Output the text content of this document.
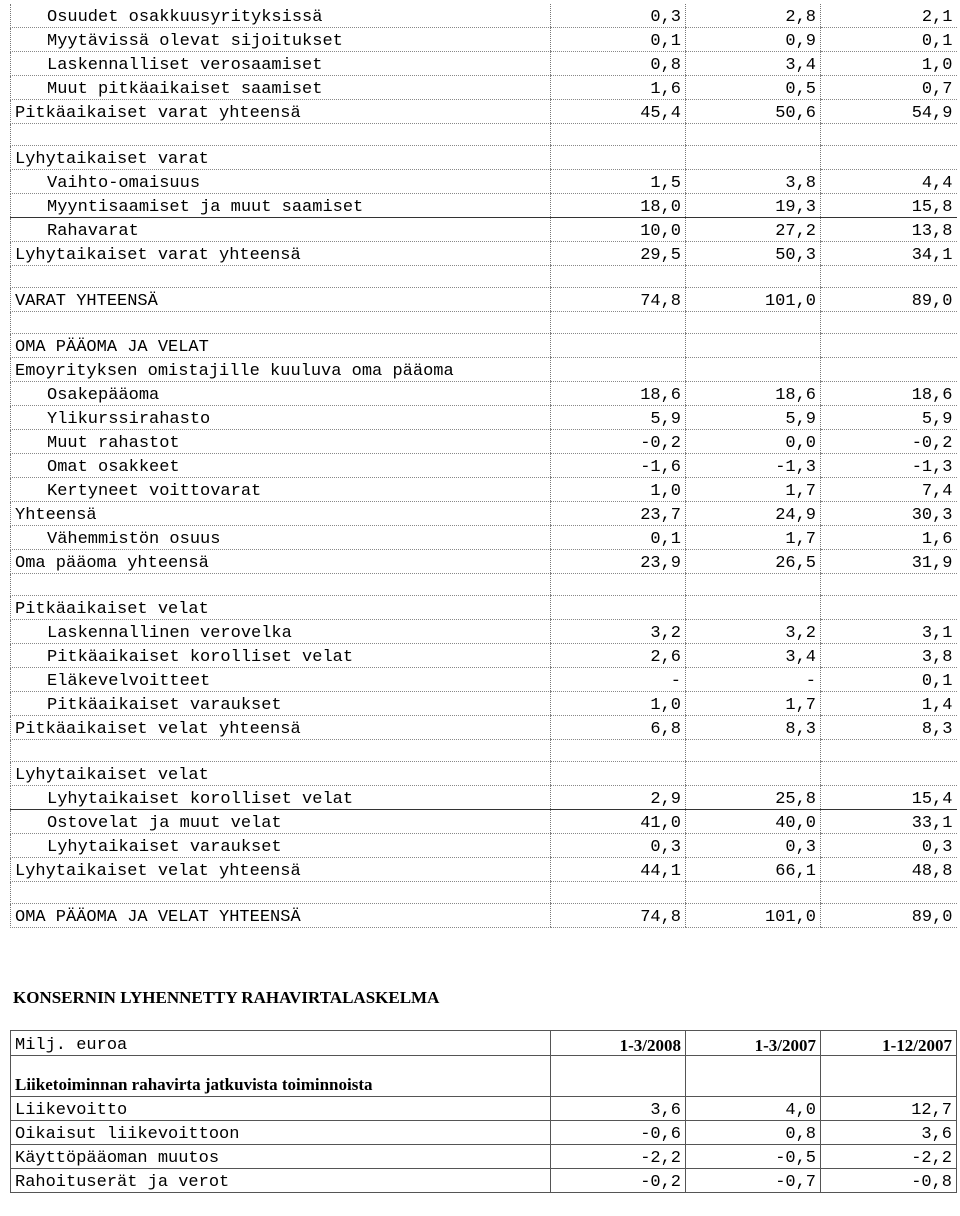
Osuudet osakkuusyrityksissä	0,3	2,8	2,1
Myytävissä olevat sijoitukset	0,1	0,9	0,1
Laskennalliset verosaamiset	0,8	3,4	1,0
Muut pitkäaikaiset saamiset	1,6	0,5	0,7
Pitkäaikaiset varat yhteensä	45,4	50,6	54,9

Lyhytaikaiset varat			
Vaihto-omaisuus	1,5	3,8	4,4
Myyntisaamiset ja muut saamiset	18,0	19,3	15,8
Rahavarat	10,0	27,2	13,8
Lyhytaikaiset varat yhteensä	29,5	50,3	34,1

VARAT YHTEENSÄ	74,8	101,0	89,0

OMA PÄÄOMA JA VELAT			
Emoyrityksen omistajille kuuluva oma pääoma			
Osakepääoma	18,6	18,6	18,6
Ylikurssirahasto	5,9	5,9	5,9
Muut rahastot	-0,2	0,0	-0,2
Omat osakkeet	-1,6	-1,3	-1,3
Kertyneet voittovarat	1,0	1,7	7,4
Yhteensä	23,7	24,9	30,3
Vähemmistön osuus	0,1	1,7	1,6
Oma pääoma yhteensä	23,9	26,5	31,9

Pitkäaikaiset velat			
Laskennallinen verovelka	3,2	3,2	3,1
Pitkäaikaiset korolliset velat	2,6	3,4	3,8
Eläkevelvoitteet	-	-	0,1
Pitkäaikaiset varaukset	1,0	1,7	1,4
Pitkäaikaiset velat yhteensä	6,8	8,3	8,3

Lyhytaikaiset velat			
Lyhytaikaiset korolliset velat	2,9	25,8	15,4
Ostovelat ja muut velat	41,0	40,0	33,1
Lyhytaikaiset varaukset	0,3	0,3	0,3
Lyhytaikaiset velat yhteensä	44,1	66,1	48,8

OMA PÄÄOMA JA VELAT YHTEENSÄ	74,8	101,0	89,0
KONSERNIN LYHENNETTY RAHAVIRTALASKELMA
Milj. euroa	1-3/2008	1-3/2007	1-12/2007
Liiketoiminnan rahavirta jatkuvista toiminnoista			
Liikevoitto	3,6	4,0	12,7
Oikaisut liikevoittoon	-0,6	0,8	3,6
Käyttöpääoman muutos	-2,2	-0,5	-2,2
Rahoituserät ja verot	-0,2	-0,7	-0,8
